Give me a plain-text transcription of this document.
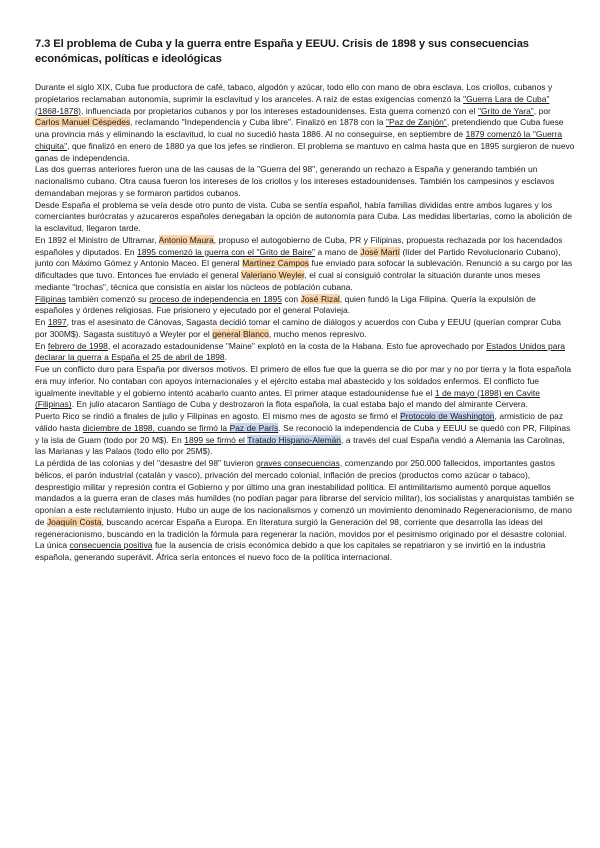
7.3 El problema de Cuba y la guerra entre España y EEUU. Crisis de 1898 y sus consecuencias económicas, políticas e ideológicas

Durante el siglo XIX, Cuba fue productora de café, tabaco, algodón y azúcar, todo ello con mano de obra esclava. Los criollos, cubanos y propietarios reclamaban autonomía, suprimir la esclavitud y los aranceles. A raíz de estas exigencias comenzó la "Guerra Lara de Cuba" (1868-1878), influenciada por propietarios cubanos y por los intereses estadounidenses. Esta guerra comenzó con el "Grito de Yara", por Carlos Manuel Céspedes, reclamando "Independencia y Cuba libre". Finalizó en 1878 con la "Paz de Zanjón", pretendiendo que Cuba fuese una provincia más y eliminando la esclavitud, lo cual no sucedió hasta 1886. Al no conseguirse, en septiembre de 1879 comenzó la "Guerra chiquita", que finalizó en enero de 1880 ya que los jefes se rindieron. El problema se mantuvo en calma hasta que en 1895 surgieron de nuevo ganas de independencia.

Las dos guerras anteriores fueron una de las causas de la "Guerra del 98", generando un rechazo a España y generando también un nacionalismo cubano. Otra causa fueron los intereses de los criollos y los intereses estadounidenses. También los campesinos y esclavos demandaban mejoras y se formaron partidos cubanos.

Desde España el problema se veía desde otro punto de vista. Cuba se sentía español, había familias divididas entre ambos lugares y los comerciantes burócratas y azucareros españoles denegaban la opción de autonomía para Cuba. Las medidas libertarias, como la abolición de la esclavitud, llegaron tarde.

En 1892 el Ministro de Ultramar, Antonio Maura, propuso el autogobierno de Cuba, PR y Filipinas, propuesta rechazada por los hacendados españoles y diputados. En 1895 comenzó la guerra con el "Grito de Baire" a mano de José Martí (líder del Partido Revolucionario Cubano), junto con Máximo Gómez y Antonio Maceo. El general Martínez Campos fue enviado para sofocar la sublevación. Renunció a su cargo por las dificultades que tuvo. Entonces fue enviado el general Valeriano Weyler, el cual si consiguió controlar la situación durante unos meses mediante "trochas", técnica que consistía en aislar los núcleos de población cubana.

Filipinas también comenzó su proceso de independencia en 1895 con José Rizal, quien fundó la Liga Filipina. Quería la expulsión de españoles y órdenes religiosas. Fue prisionero y ejecutado por el general Polavieja.

En 1897, tras el asesinato de Cánovas, Sagasta decidió tomar el camino de diálogos y acuerdos con Cuba y EEUU (querían comprar Cuba por 300M$). Sagasta sustituyó a Weyler por el general Blanco, mucho menos represivo.

En febrero de 1998, el acorazado estadounidense "Maine" explotó en la costa de la Habana. Esto fue aprovechado por Estados Unidos para declarar la guerra a España el 25 de abril de 1898.

Fue un conflicto duro para España por diversos motivos. El primero de ellos fue que la guerra se dio por mar y no por tierra y la flota española era muy inferior. No contaban con apoyos internacionales y el ejército estaba mal abastecido y los soldados enfermos. El conflicto fue igualmente inevitable y el gobierno intentó acabarlo cuanto antes. El primer ataque estadounidense fue el 1 de mayo (1898) en Cavite (Filipinas). En julio atacaron Santiago de Cuba y destrozaron la flota española, la cual estaba bajo el mando del almirante Cervera.

Puerto Rico se rindió a finales de julio y Filipinas en agosto. El mismo mes de agosto se firmó el Protocolo de Washington, armisticio de paz válido hasta diciembre de 1898, cuando se firmó la Paz de París. Se reconoció la independencia de Cuba y EEUU se quedó con PR, Filipinas y la isla de Guam (todo por 20 M$). En 1899 se firmó el Tratado Hispano-Alemán, a través del cual España vendió a Alemania las Carolinas, las Marianas y las Palaos (todo ello por 25M$).

La pérdida de las colonias y del "desastre del 98" tuvieron graves consecuencias, comenzando por 250.000 fallecidos, importantes gastos bélicos, el parón industrial (catalán y vasco), privación del mercado colonial, inflación de precios (productos como azúcar o tabaco), desprestigio militar y represión contra el Gobierno y por último una gran inestabilidad política. El antimilitarismo aumentó porque aquellos mandados a la guerra eran de clases más humildes (no podían pagar para librarse del servicio militar), los socialistas y anarquistas también se oponían a este reclutamiento injusto. Hubo un auge de los nacionalismos y comenzó un movimiento denominado Regeneracionismo, de mano de Joaquín Costa, buscando acercar España a Europa. En literatura surgió la Generación del 98, corriente que desarrolla las ideas del regeneracionismo, buscando en la tradición la fórmula para regenerar la nación, movidos por el pesimismo originado por el desastre colonial.

La única consecuencia positiva fue la ausencia de crisis económica debido a que los capitales se repatriaron y se invirtió en la industria española, generando superávit. África sería entonces el nuevo foco de la política internacional.
